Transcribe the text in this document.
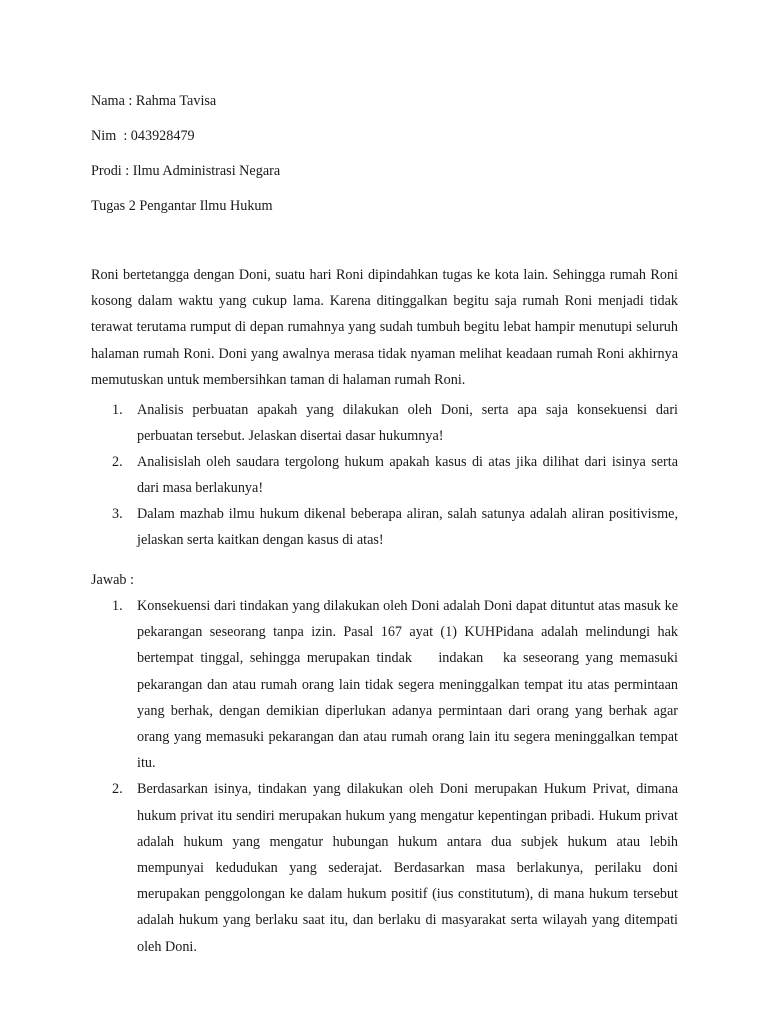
Nama : Rahma Tavisa

Nim  : 043928479

Prodi : Ilmu Administrasi Negara

Tugas 2 Pengantar Ilmu Hukum

Roni bertetangga dengan Doni, suatu hari Roni dipindahkan tugas ke kota lain. Sehingga rumah Roni kosong dalam waktu yang cukup lama. Karena ditinggalkan begitu saja rumah Roni menjadi tidak terawat terutama rumput di depan rumahnya yang sudah tumbuh begitu lebat hampir menutupi seluruh halaman rumah Roni. Doni yang awalnya merasa tidak nyaman melihat keadaan rumah Roni akhirnya memutuskan untuk membersihkan taman di halaman rumah Roni.

1. Analisis perbuatan apakah yang dilakukan oleh Doni, serta apa saja konsekuensi dari perbuatan tersebut. Jelaskan disertai dasar hukumnya!
2. Analisislah oleh saudara tergolong hukum apakah kasus di atas jika dilihat dari isinya serta dari masa berlakunya!
3. Dalam mazhab ilmu hukum dikenal beberapa aliran, salah satunya adalah aliran positivisme, jelaskan serta kaitkan dengan kasus di atas!

Jawab :

1. Konsekuensi dari tindakan yang dilakukan oleh Doni adalah Doni dapat dituntut atas masuk ke pekarangan seseorang tanpa izin. Pasal 167 ayat (1) KUHPidana adalah melindungi hak bertempat tinggal, sehingga merupakan tindak    indakan   ka seseorang yang memasuki pekarangan dan atau rumah orang lain tidak segera meninggalkan tempat itu atas permintaan yang berhak, dengan demikian diperlukan adanya permintaan dari orang yang berhak agar orang yang memasuki pekarangan dan atau rumah orang lain itu segera meninggalkan tempat itu.
2. Berdasarkan isinya, tindakan yang dilakukan oleh Doni merupakan Hukum Privat, dimana hukum privat itu sendiri merupakan hukum yang mengatur kepentingan pribadi. Hukum privat adalah hukum yang mengatur hubungan hukum antara dua subjek hukum atau lebih mempunyai kedudukan yang sederajat. Berdasarkan masa berlakunya, perilaku doni merupakan penggolongan ke dalam hukum positif (ius constitutum), di mana hukum tersebut adalah hukum yang berlaku saat itu, dan berlaku di masyarakat serta wilayah yang ditempati oleh Doni.
